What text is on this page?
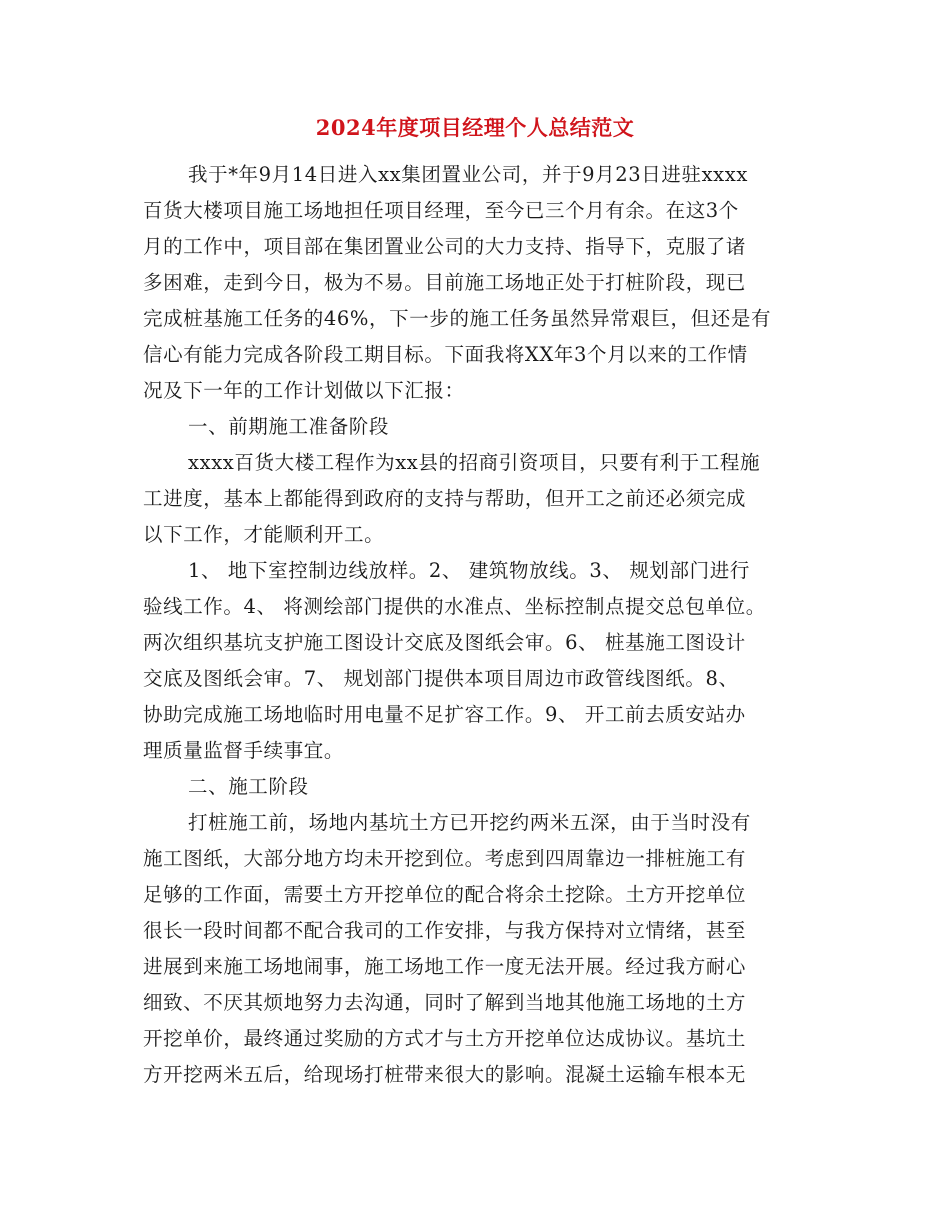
2024年度项目经理个人总结范文
我于*年9月14日进入xx集团置业公司，并于9月23日进驻xxxx
百货大楼项目施工场地担任项目经理，至今已三个月有余。在这3个
月的工作中，项目部在集团置业公司的大力支持、指导下，克服了诸
多困难，走到今日，极为不易。目前施工场地正处于打桩阶段，现已
完成桩基施工任务的46%，下一步的施工任务虽然异常艰巨，但还是有
信心有能力完成各阶段工期目标。下面我将XX年3个月以来的工作情
况及下一年的工作计划做以下汇报：
一、前期施工准备阶段
xxxx百货大楼工程作为xx县的招商引资项目，只要有利于工程施
工进度，基本上都能得到政府的支持与帮助，但开工之前还必须完成
以下工作，才能顺利开工。
1、 地下室控制边线放样。2、 建筑物放线。3、 规划部门进行
验线工作。4、 将测绘部门提供的水准点、坐标控制点提交总包单位。
两次组织基坑支护施工图设计交底及图纸会审。6、 桩基施工图设计
交底及图纸会审。7、 规划部门提供本项目周边市政管线图纸。8、
协助完成施工场地临时用电量不足扩容工作。9、 开工前去质安站办
理质量监督手续事宜。
二、施工阶段
打桩施工前，场地内基坑土方已开挖约两米五深，由于当时没有
施工图纸，大部分地方均未开挖到位。考虑到四周靠边一排桩施工有
足够的工作面，需要土方开挖单位的配合将余土挖除。土方开挖单位
很长一段时间都不配合我司的工作安排，与我方保持对立情绪，甚至
进展到来施工场地闹事，施工场地工作一度无法开展。经过我方耐心
细致、不厌其烦地努力去沟通，同时了解到当地其他施工场地的土方
开挖单价，最终通过奖励的方式才与土方开挖单位达成协议。基坑土
方开挖两米五后，给现场打桩带来很大的影响。混凝土运输车根本无
